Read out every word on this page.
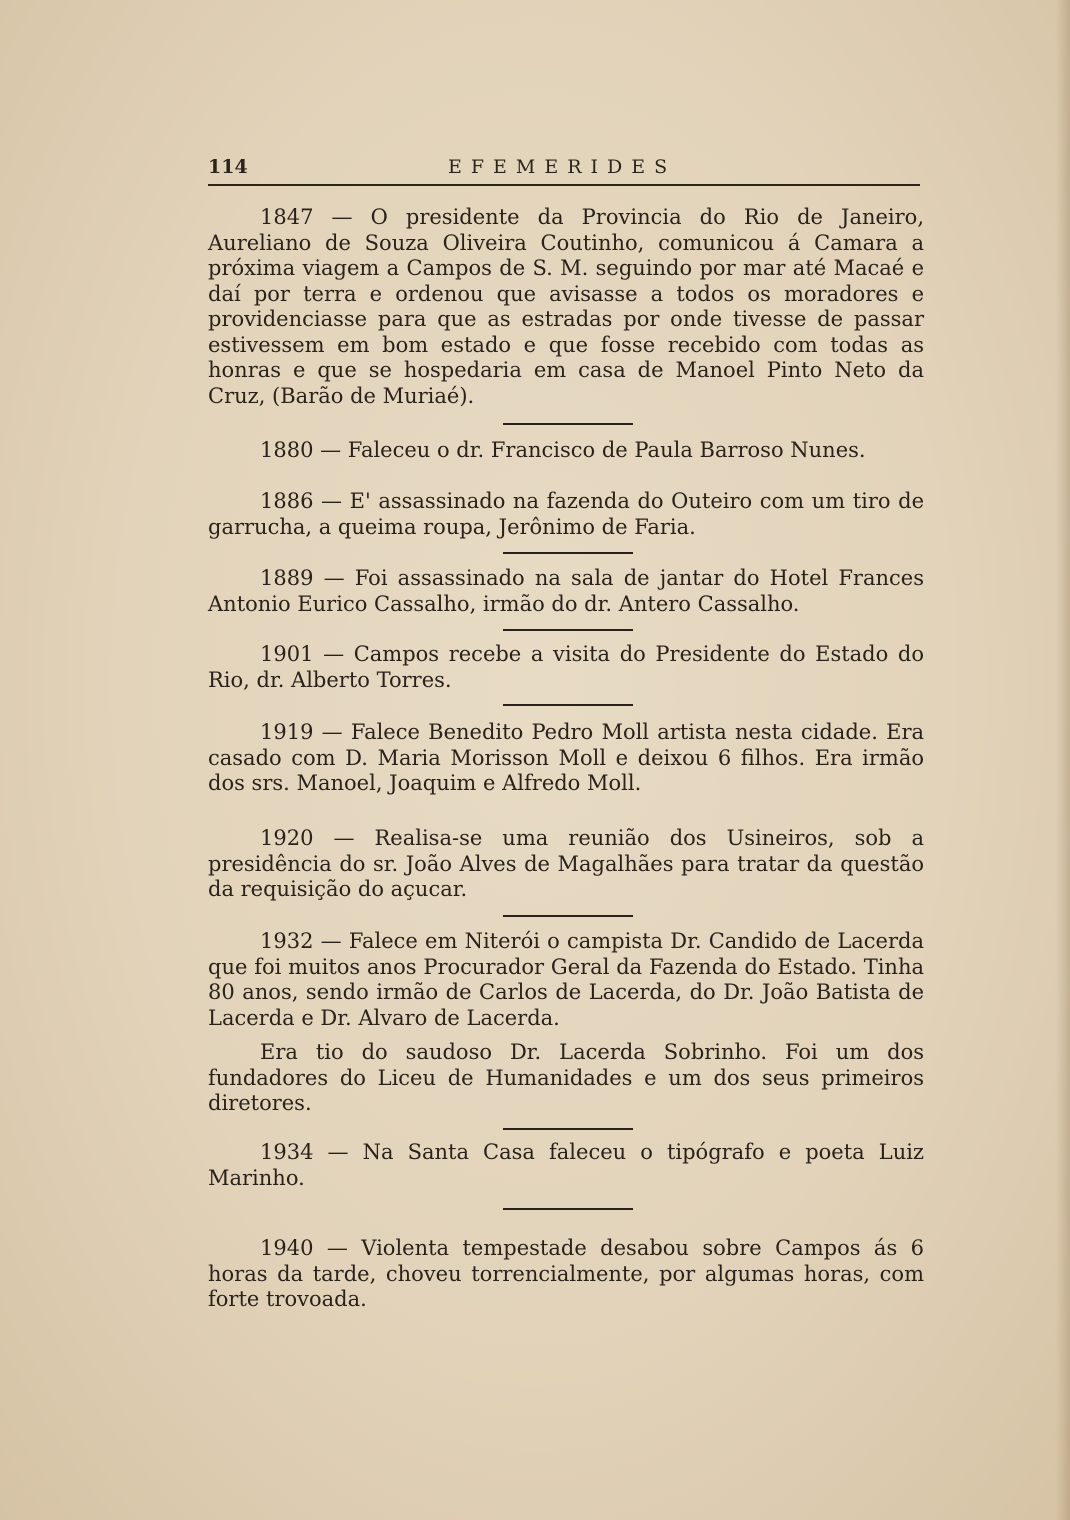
114	EFEMERIDES

1847 — O presidente da Provincia do Rio de Janeiro, Aureliano de Souza Oliveira Coutinho, comunicou á Camara a próxima viagem a Campos de S. M. seguindo por mar até Macaé e daí por terra e ordenou que avisasse a todos os moradores e providenciasse para que as estradas por onde tivesse de passar estivessem em bom estado e que fosse recebido com todas as honras e que se hospedaria em casa de Manoel Pinto Neto da Cruz, (Barão de Muriaé).

1880 — Faleceu o dr. Francisco de Paula Barroso Nunes.

1886 — E' assassinado na fazenda do Outeiro com um tiro de garrucha, a queima roupa, Jerônimo de Faria.

1889 — Foi assassinado na sala de jantar do Hotel Frances Antonio Eurico Cassalho, irmão do dr. Antero Cassalho.

1901 — Campos recebe a visita do Presidente do Estado do Rio, dr. Alberto Torres.

1919 — Falece Benedito Pedro Moll artista nesta cidade. Era casado com D. Maria Morisson Moll e deixou 6 filhos. Era irmão dos srs. Manoel, Joaquim e Alfredo Moll.

1920 — Realisa-se uma reunião dos Usineiros, sob a presidência do sr. João Alves de Magalhães para tratar da questão da requisição do açucar.

1932 — Falece em Niterói o campista Dr. Candido de Lacerda que foi muitos anos Procurador Geral da Fazenda do Estado. Tinha 80 anos, sendo irmão de Carlos de Lacerda, do Dr. João Batista de Lacerda e Dr. Alvaro de Lacerda.

Era tio do saudoso Dr. Lacerda Sobrinho. Foi um dos fundadores do Liceu de Humanidades e um dos seus primeiros diretores.

1934 — Na Santa Casa faleceu o tipógrafo e poeta Luiz Marinho.

1940 — Violenta tempestade desabou sobre Campos ás 6 horas da tarde, choveu torrencialmente, por algumas horas, com forte trovoada.
